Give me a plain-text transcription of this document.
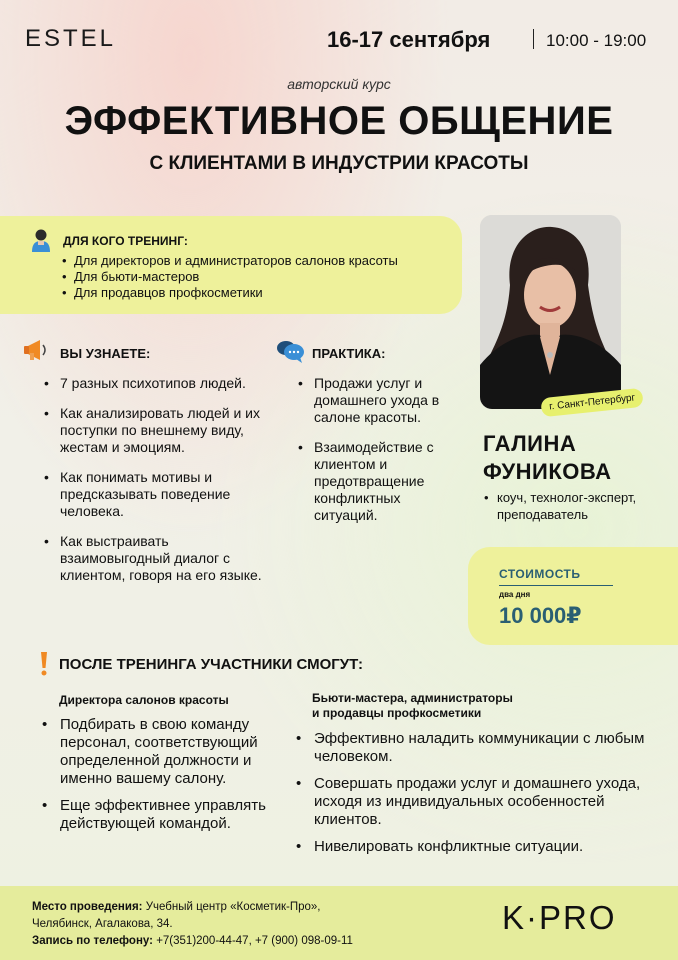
ESTEL	16-17 сентября	10:00 - 19:00
авторский курс
ЭФФЕКТИВНОЕ ОБЩЕНИЕ
С КЛИЕНТАМИ В ИНДУСТРИИ КРАСОТЫ
ДЛЯ КОГО ТРЕНИНГ:
• Для директоров и администраторов салонов красоты
• Для бьюти-мастеров
• Для продавцов профкосметики
г. Санкт-Петербург
ГАЛИНА
ФУНИКОВА
• коуч, технолог-эксперт,
преподаватель
ВЫ УЗНАЕТЕ:
• 7 разных психотипов людей.
• Как анализировать людей и их поступки по внешнему виду, жестам и эмоциям.
• Как понимать мотивы и предсказывать поведение человека.
• Как выстраивать взаимовыгодный диалог с клиентом, говоря на его языке.
ПРАКТИКА:
• Продажи услуг и домашнего ухода в салоне красоты.
• Взаимодействие с клиентом и предотвращение конфликтных ситуаций.
СТОИМОСТЬ
два дня
10 000₽
ПОСЛЕ ТРЕНИНГА УЧАСТНИКИ СМОГУТ:
Директора салонов красоты
• Подбирать в свою команду персонал, соответствующий определенной должности и именно вашему салону.
• Еще эффективнее управлять действующей командой.
Бьюти-мастера, администраторы
и продавцы профкосметики
• Эффективно наладить коммуникации с любым человеком.
• Совершать продажи услуг и домашнего ухода, исходя из индивидуальных особенностей клиентов.
• Нивелировать конфликтные ситуации.
Место проведения: Учебный центр «Косметик-Про»,
Челябинск, Агалакова, 34.
Запись по телефону: +7(351)200-44-47, +7 (900) 098-09-11
K·PRO
